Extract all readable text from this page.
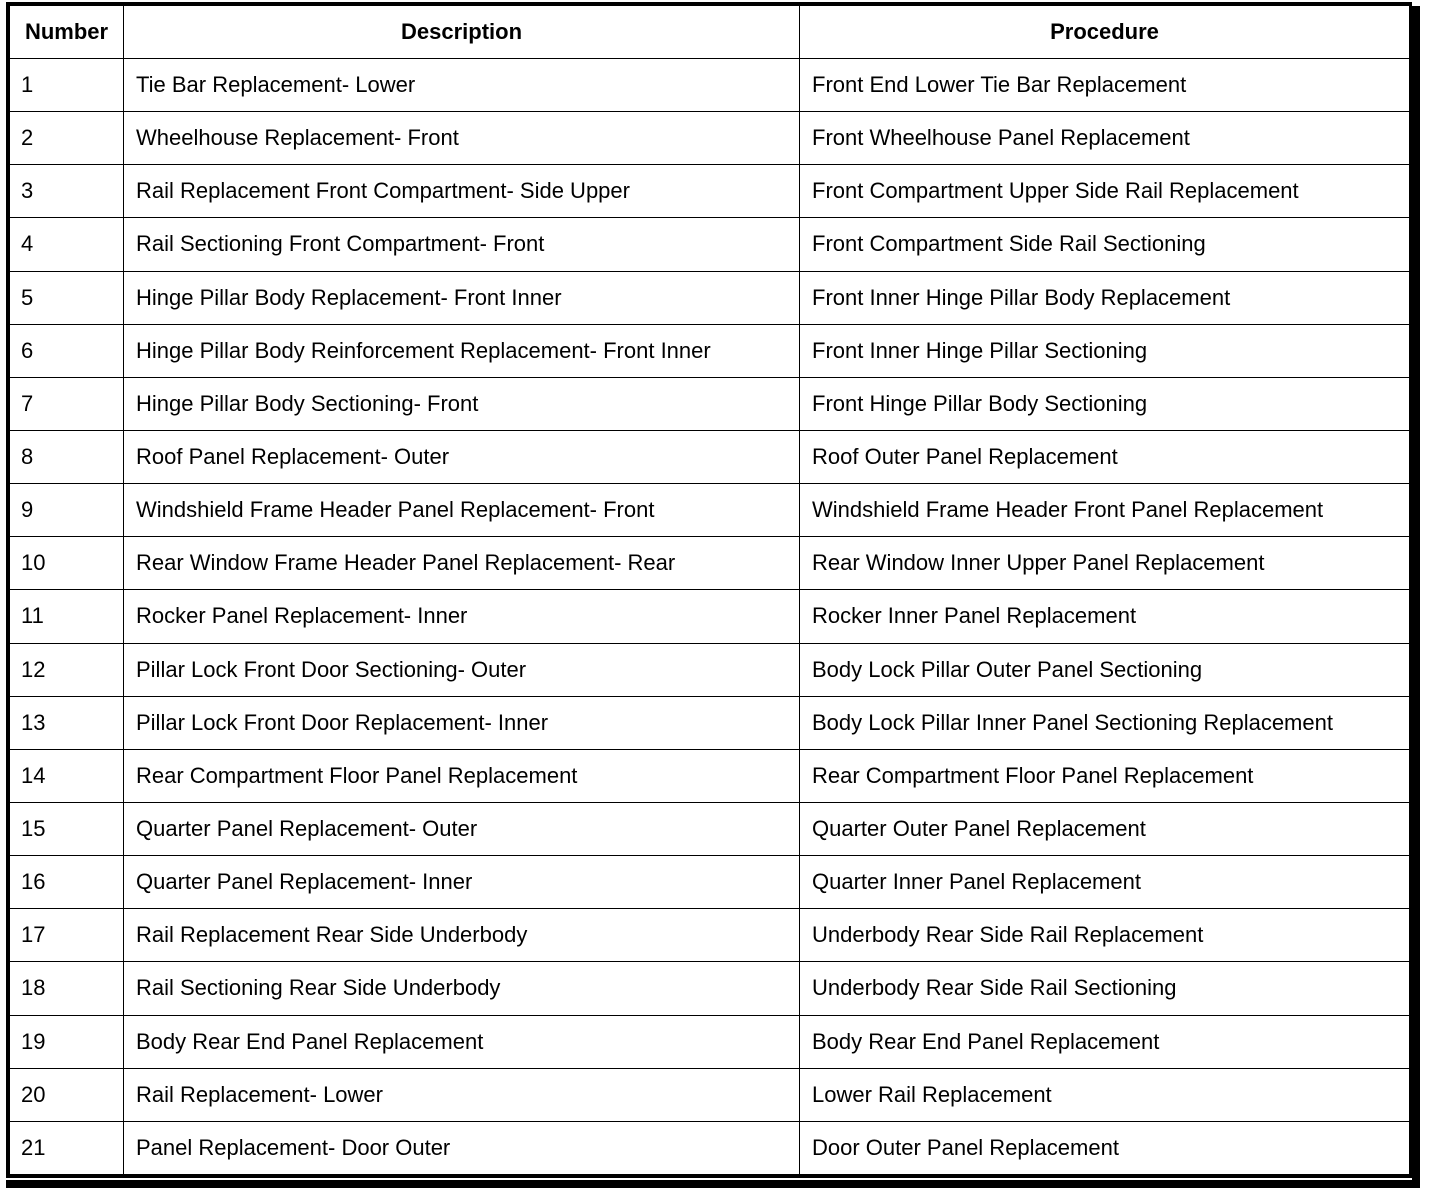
Number	Description	Procedure
1	Tie Bar Replacement- Lower	Front End Lower Tie Bar Replacement
2	Wheelhouse Replacement- Front	Front Wheelhouse Panel Replacement
3	Rail Replacement Front Compartment- Side Upper	Front Compartment Upper Side Rail Replacement
4	Rail Sectioning Front Compartment- Front	Front Compartment Side Rail Sectioning
5	Hinge Pillar Body Replacement- Front Inner	Front Inner Hinge Pillar Body Replacement
6	Hinge Pillar Body Reinforcement Replacement- Front Inner	Front Inner Hinge Pillar Sectioning
7	Hinge Pillar Body Sectioning- Front	Front Hinge Pillar Body Sectioning
8	Roof Panel Replacement- Outer	Roof Outer Panel Replacement
9	Windshield Frame Header Panel Replacement- Front	Windshield Frame Header Front Panel Replacement
10	Rear Window Frame Header Panel Replacement- Rear	Rear Window Inner Upper Panel Replacement
11	Rocker Panel Replacement- Inner	Rocker Inner Panel Replacement
12	Pillar Lock Front Door Sectioning- Outer	Body Lock Pillar Outer Panel Sectioning
13	Pillar Lock Front Door Replacement- Inner	Body Lock Pillar Inner Panel Sectioning Replacement
14	Rear Compartment Floor Panel Replacement	Rear Compartment Floor Panel Replacement
15	Quarter Panel Replacement- Outer	Quarter Outer Panel Replacement
16	Quarter Panel Replacement- Inner	Quarter Inner Panel Replacement
17	Rail Replacement Rear Side Underbody	Underbody Rear Side Rail Replacement
18	Rail Sectioning Rear Side Underbody	Underbody Rear Side Rail Sectioning
19	Body Rear End Panel Replacement	Body Rear End Panel Replacement
20	Rail Replacement- Lower	Lower Rail Replacement
21	Panel Replacement- Door Outer	Door Outer Panel Replacement
